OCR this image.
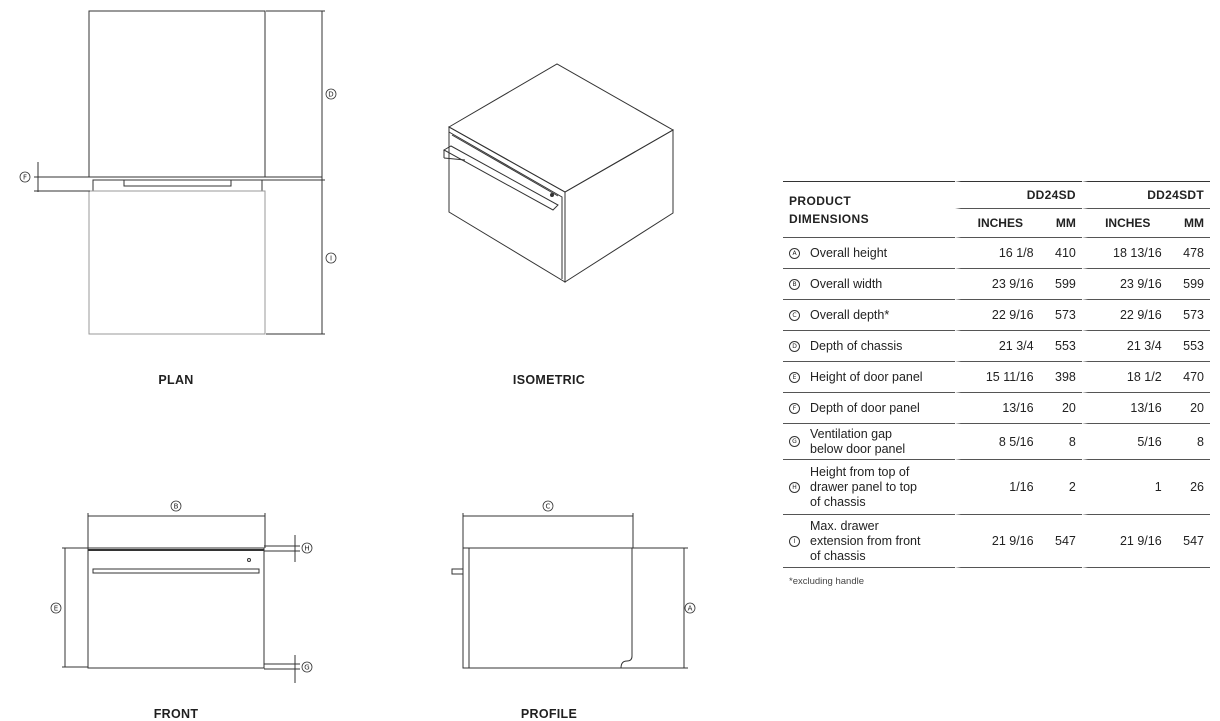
D
I
F
B
E
H
G
C
A
PLAN	ISOMETRIC
FRONT	PROFILE
PRODUCT
DIMENSIONS	DD24SD		DD24SDT	
	INCHES	MM	INCHES	MM

A Overall height	16 1/8	410	18 13/16	478

B Overall width	23 9/16	599	23 9/16	599

C Overall depth*	22 9/16	573	22 9/16	573

D Depth of chassis	21 3/4	553	21 3/4	553

E Height of door panel	15 11/16	398	18 1/2	470

F Depth of door panel	13/16	20	13/16	20

G
Ventilation gap
below door panel	8 5/16	8	5/16	8

H
Height from top of
drawer panel to top
of chassis	1/16	2	1	26

I
Max. drawer
extension from front
of chassis	21 9/16	547	21 9/16	547
*excluding handle
